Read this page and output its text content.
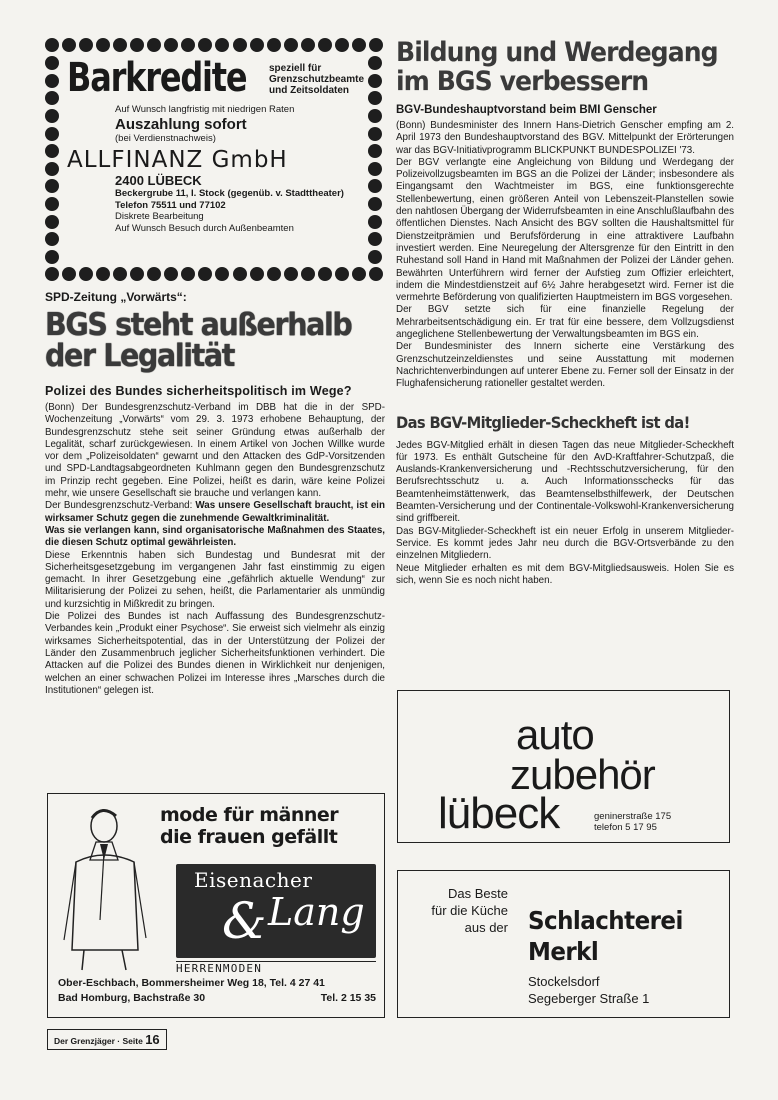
Barkredite speziell für
Grenzschutzbeamte
und Zeitsoldaten
Auf Wunsch langfristig mit niedrigen Raten
Auszahlung sofort
(bei Verdienstnachweis)
ALLFINANZ GmbH
2400 LÜBECK
Beckergrube 11, I. Stock (gegenüb. v. Stadttheater)
Telefon 75511 und 77102
Diskrete Bearbeitung
Auf Wunsch Besuch durch Außenbeamten
SPD-Zeitung „Vorwärts“:
BGS steht außerhalb
der Legalität
Polizei des Bundes sicherheitspolitisch im Wege?

(Bonn) Der Bundesgrenzschutz-Verband im DBB hat die in der SPD-Wochenzeitung „Vorwärts“ vom 29. 3. 1973 erhobene Behauptung, der Bundesgrenzschutz stehe seit seiner Gründung etwas außerhalb der Legalität, scharf zurückgewiesen. In einem Artikel von Jochen Willke wurde vor dem „Polizeisoldaten“ gewarnt und den Attacken des GdP-Vorsitzenden und SPD-Landtagsabgeordneten Kuhlmann gegen den Bundesgrenzschutz im Prinzip recht gegeben. Eine Polizei, heißt es darin, wäre keine Polizei mehr, wie unsere Gesellschaft sie brauche und verlangen kann.

Der Bundesgrenzschutz-Verband: Was unsere Gesellschaft braucht, ist ein wirksamer Schutz gegen die zunehmende Gewaltkriminalität.

Was sie verlangen kann, sind organisatorische Maßnahmen des Staates, die diesen Schutz optimal gewährleisten.

Diese Erkenntnis haben sich Bundestag und Bundesrat mit der Sicherheitsgesetzgebung im vergangenen Jahr fast einstimmig zu eigen gemacht. In ihrer Gesetzgebung eine „gefährlich aktuelle Wendung“ zur Militarisierung der Polizei zu sehen, heißt, die Parlamentarier als unmündig und kurzsichtig in Mißkredit zu bringen.

Die Polizei des Bundes ist nach Auffassung des Bundesgrenzschutz-Verbandes kein „Produkt einer Psychose“. Sie erweist sich vielmehr als einzig wirksames Sicherheitspotential, das in der Unterstützung der Polizei der Länder den Zusammenbruch jeglicher Sicherheitsfunktionen verhindert. Die Attacken auf die Polizei des Bundes dienen in Wirklichkeit nur denjenigen, welchen an einer schwachen Polizei im Interesse ihres „Marsches durch die Institutionen“ gelegen ist.

Bildung und Werdegang
im BGS verbessern
BGV-Bundeshauptvorstand beim BMI Genscher

(Bonn) Bundesminister des Innern Hans-Dietrich Genscher empfing am 2. April 1973 den Bundeshauptvorstand des BGV. Mittelpunkt der Erörterungen war das BGV-Initiativprogramm BLICKPUNKT BUNDESPOLIZEI '73.

Der BGV verlangte eine Angleichung von Bildung und Werdegang der Polizeivollzugsbeamten im BGS an die Polizei der Länder; insbesondere als Eingangsamt den Wachtmeister im BGS, eine funktionsgerechte Stellenbewertung, einen größeren Anteil von Lebenszeit-Planstellen sowie den nahtlosen Übergang der Widerrufsbeamten in eine Anschlußlaufbahn des öffentlichen Dienstes. Nach Ansicht des BGV sollten die Haushaltsmittel für Dienstzeitprämien und Berufsförderung in eine attraktivere Laufbahn investiert werden. Eine Neuregelung der Altersgrenze für den Eintritt in den Ruhestand soll Hand in Hand mit Maßnahmen der Polizei der Länder gehen. Bewährten Unterführern wird ferner der Aufstieg zum Offizier erleichtert, indem die Mindestdienstzeit auf 6½ Jahre herabgesetzt wird. Ferner ist die vermehrte Beförderung von qualifizierten Hauptmeistern im BGS vorgesehen.

Der BGV setzte sich für eine finanzielle Regelung der Mehrarbeitsentschädigung ein. Er trat für eine bessere, dem Vollzugsdienst angeglichene Stellenbewertung der Verwaltungsbeamten im BGS ein.

Der Bundesminister des Innern sicherte eine Verstärkung des Grenzschutzeinzeldienstes und seine Ausstattung mit modernen Nachrichtenverbindungen auf unterer Ebene zu. Ferner soll der Einsatz in der Flughafensicherung rationeller gestaltet werden.

Das BGV-Mitglieder-Scheckheft ist da!

Jedes BGV-Mitglied erhält in diesen Tagen das neue Mitglieder-Scheckheft für 1973. Es enthält Gutscheine für den AvD-Kraftfahrer-Schutzpaß, die Auslands-Krankenversicherung und -Rechtsschutzversicherung, für den Berufsrechtsschutz u. a. Auch Informationsschecks für das Beamtenheimstättenwerk, das Beamtenselbsthilfewerk, der Deutschen Beamten-Versicherung und der Continentale-Volkswohl-Krankenversicherung sind griffbereit.

Das BGV-Mitglieder-Scheckheft ist ein neuer Erfolg in unserem Mitglieder-Service. Es kommt jedes Jahr neu durch die BGV-Ortsverbände zu den einzelnen Mitgliedern.

Neue Mitglieder erhalten es mit dem BGV-Mitgliedsausweis. Holen Sie es sich, wenn Sie es noch nicht haben.

mode für männer
die frauen gefällt
Eisenacher
& Lang
HERRENMODEN
Ober-Eschbach, Bommersheimer Weg 18, Tel. 4 27 41
Bad Homburg, Bachstraße 30	Tel. 2 15 35
auto
zubehör
lübeck	geninerstraße 175
telefon 5 17 95
Das Beste
für die Küche
aus der Schlachterei
Merkl
Stockelsdorf
Segeberger Straße 1
Der Grenzjäger · Seite 16
